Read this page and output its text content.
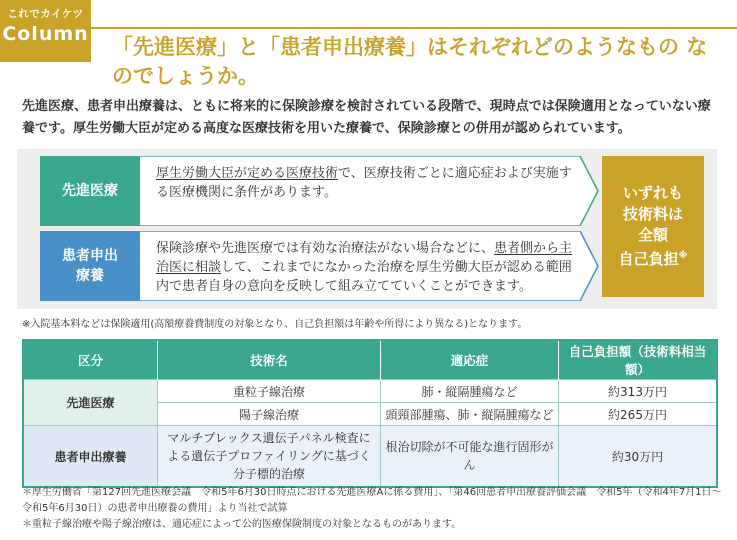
これでカイケツ
Column
「先進医療」と「患者申出療養」はそれぞれどのようなもの なのでしょうか。
先進医療、患者申出療養は、ともに将来的に保険診療を検討されている段階で、現時点では保険適用となっていない療養です。厚生労働大臣が定める高度な医療技術を用いた療養で、保険診療との併用が認められています。
先進医療
厚生労働大臣が定める医療技術で、医療技術ごとに適応症および実施する医療機関に条件があります。
患者申出療養
保険診療や先進医療では有効な治療法がない場合などに、患者側から主治医に相談して、これまでになかった治療を厚生労働大臣が認める範囲内で患者自身の意向を反映して組み立てていくことができます。
いずれも
技術料は
全額
自己負担※
※入院基本料などは保険適用(高額療養費制度の対象となり、自己負担額は年齢や所得により異なる)となります。
区分	技術名	適応症	自己負担額（技術料相当額）
先進医療	重粒子線治療	肺・縦隔腫瘍など	約313万円
	陽子線治療	頭頸部腫瘍、肺・縦隔腫瘍など	約265万円
患者申出療養	マルチプレックス遺伝子パネル検査による遺伝子プロファイリングに基づく分子標的治療	根治切除が不可能な進行固形がん	約30万円
＊厚生労働省「第127回先進医療会議　令和5年6月30日時点における先進医療Aに係る費用」、「第46回患者申出療養評価会議　令和5年（令和4年7月1日～令和5年6月30日）の患者申出療養の費用」より当社で試算
＊重粒子線治療や陽子線治療は、適応症によって公的医療保険制度の対象となるものがあります。
